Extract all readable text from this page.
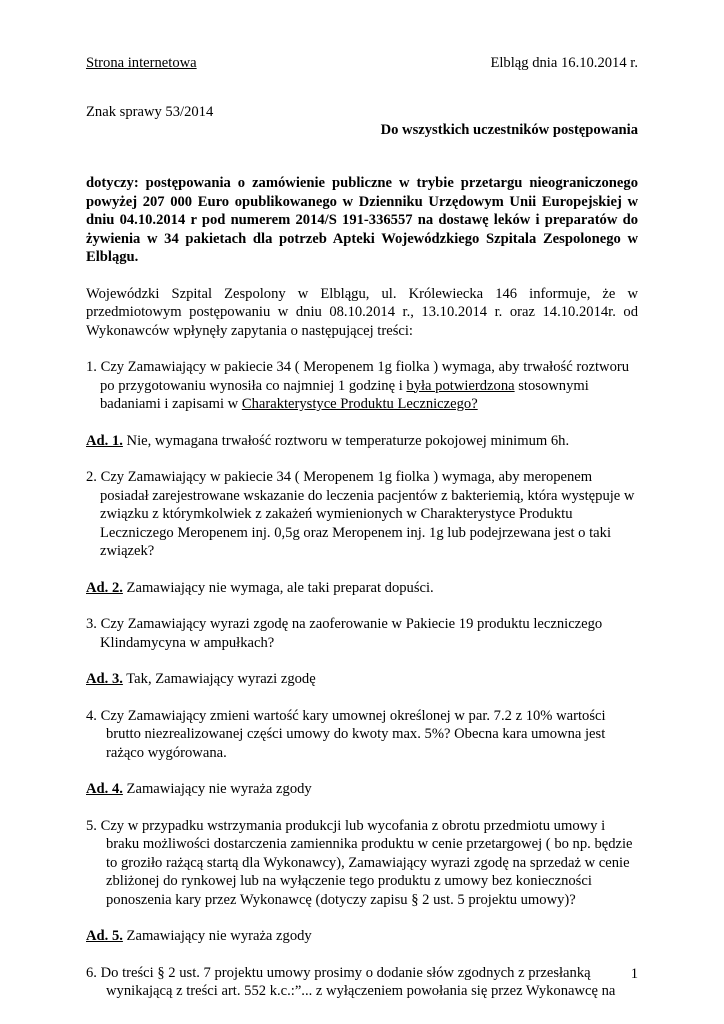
Strona internetowa	Elbląg dnia 16.10.2014 r.
Znak sprawy 53/2014
Do wszystkich uczestników postępowania

dotyczy: postępowania o zamówienie publiczne w trybie przetargu nieograniczonego powyżej 207 000 Euro opublikowanego w Dzienniku Urzędowym Unii Europejskiej w dniu 04.10.2014 r pod numerem 2014/S 191-336557 na dostawę leków i preparatów do żywienia w 34 pakietach dla potrzeb Apteki Wojewódzkiego Szpitala Zespolonego w Elblągu.

Wojewódzki Szpital Zespolony w Elblągu, ul. Królewiecka 146 informuje, że w przedmiotowym postępowaniu w dniu 08.10.2014 r., 13.10.2014 r. oraz 14.10.2014r. od Wykonawców wpłynęły zapytania o następującej treści:

1. Czy Zamawiający w pakiecie 34 ( Meropenem 1g fiolka ) wymaga, aby trwałość roztworu po przygotowaniu wynosiła co najmniej 1 godzinę i była potwierdzona stosownymi badaniami i zapisami w Charakterystyce Produktu Leczniczego?

Ad. 1. Nie, wymagana trwałość roztworu w temperaturze pokojowej minimum 6h.

2. Czy Zamawiający w pakiecie 34 ( Meropenem 1g fiolka ) wymaga, aby meropenem posiadał zarejestrowane wskazanie do leczenia pacjentów z bakteriemią, która występuje w związku z którymkolwiek z zakażeń wymienionych w Charakterystyce Produktu Leczniczego Meropenem inj. 0,5g oraz Meropenem inj. 1g lub podejrzewana jest o taki związek?

Ad. 2. Zamawiający nie wymaga, ale taki preparat dopuści.

3. Czy Zamawiający wyrazi zgodę na zaoferowanie w Pakiecie 19 produktu leczniczego Klindamycyna w ampułkach?

Ad. 3. Tak, Zamawiający wyrazi zgodę

4. Czy Zamawiający zmieni wartość kary umownej określonej w par. 7.2 z 10% wartości brutto niezrealizowanej części umowy do kwoty max. 5%? Obecna kara umowna jest rażąco wygórowana.

Ad. 4. Zamawiający nie wyraża zgody

5. Czy w przypadku wstrzymania produkcji lub wycofania z obrotu przedmiotu umowy i braku możliwości dostarczenia zamiennika produktu w cenie przetargowej ( bo np. będzie to groziło rażącą startą dla Wykonawcy), Zamawiający wyrazi zgodę na sprzedaż w cenie zbliżonej do rynkowej lub na wyłączenie tego produktu z umowy bez konieczności ponoszenia kary przez Wykonawcę (dotyczy zapisu § 2 ust. 5 projektu umowy)?

Ad. 5. Zamawiający nie wyraża zgody

6. Do treści § 2 ust. 7 projektu umowy prosimy o dodanie słów zgodnych z przesłanką wynikającą z treści art. 552 k.c.:”... z wyłączeniem powołania się przez Wykonawcę na

1
